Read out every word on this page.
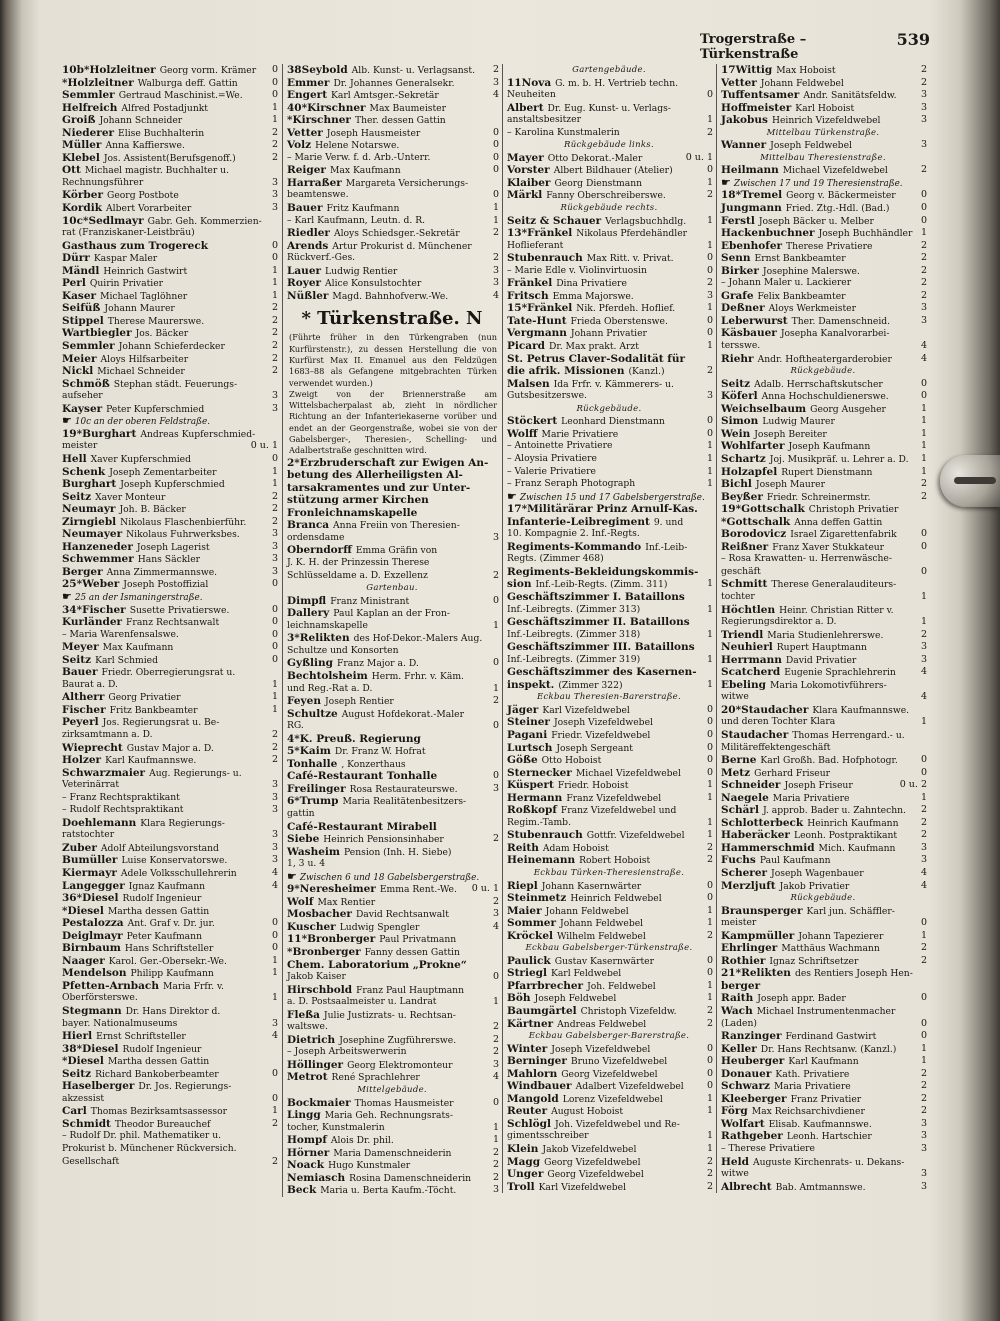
Trogerstraße – Türkenstraße
539
10b*Holzleitner Georg vorm. Krämer 0
*Holzleitner Walburga deff. Gattin	0
Semmler Gertraud Maschinist.=We.	0
Helfreich Alfred Postadjunkt	1
Groiß Johann Schneider	1
Niederer Elise Buchhalterin	2
Müller Anna Kaffierswe.	2
Klebel Jos. Assistent(Berufsgenoff.)	2
Ott Michael magistr. Buchhalter u.
Rechnungsführer	3
Körber Georg Postbote	3
Kordik Albert Vorarbeiter	3
10c*Sedlmayr Gabr. Geh. Kommerzien-
rat (Franziskaner-Leistbräu)
Gasthaus zum Trogereck	0
Dürr Kaspar Maler	0
Mändl Heinrich Gastwirt	1
Perl Quirin Privatier	1
Kaser Michael Taglöhner	1
Seifüß Johann Maurer	2
Stippel Therese Maurerswe.	2
Wartbiegler Jos. Bäcker	2
Semmler Johann Schieferdecker	2
Meier Aloys Hilfsarbeiter	2
Nickl Michael Schneider	2
Schmöß Stephan städt. Feuerungs-
aufseher	3
Kayser Peter Kupferschmied	3
☛ 10c an der oberen Feldstraße.
19*Burghart Andreas Kupferschmied-
meister	0 u. 1
Hell Xaver Kupferschmied	0
Schenk Joseph Zementarbeiter	1
Burghart Joseph Kupferschmied	1
Seitz Xaver Monteur	2
Neumayr Joh. B. Bäcker	2
Zirngiebl Nikolaus Flaschenbierführ.	2
Neumayer Nikolaus Fuhrwerksbes.	3
Hanzeneder Joseph Lagerist	3
Schwemmer Hans Säckler	3
Berger Anna Zimmermannswe.	3
25*Weber Joseph Postoffizial	0
☛ 25 an der Ismaningerstraße.
34*Fischer Susette Privatierswe.	0
Kurländer Franz Rechtsanwalt	0
– Maria Warenfensalswe.	0
Meyer Max Kaufmann	0
Seitz Karl Schmied	0
Bauer Friedr. Oberregierungsrat u.
Baurat a. D.	1
Altherr Georg Privatier	1
Fischer Fritz Bankbeamter	1
Peyerl Jos. Regierungsrat u. Be-
zirksamtmann a. D.	2
Wieprecht Gustav Major a. D.	2
Holzer Karl Kaufmannswe.	2
Schwarzmaier Aug. Regierungs- u.
Veterinärrat	3
– Franz Rechtspraktikant	3
– Rudolf Rechtspraktikant	3
Doehlemann Klara Regierungs-
ratstochter	3
Zuber Adolf Abteilungsvorstand	3
Bumüller Luise Konservatorswe.	3
Kiermayr Adele Volksschullehrerin	4
Langegger Ignaz Kaufmann	4
36*Diesel Rudolf Ingenieur
*Diesel Martha dessen Gattin
Pestalozza Ant. Graf v. Dr. jur.	0
Deiglmayr Peter Kaufmann	0
Birnbaum Hans Schriftsteller	0
Naager Karol. Ger.-Obersekr.-We.	1
Mendelson Philipp Kaufmann	1
Pfetten-Arnbach Maria Frfr. v.
Oberförsterswe.	1
Stegmann Dr. Hans Direktor d.
bayer. Nationalmuseums	3
Hierl Ernst Schriftsteller	4
38*Diesel Rudolf Ingenieur
*Diesel Martha dessen Gattin
Seitz Richard Bankoberbeamter	0
Haselberger Dr. Jos. Regierungs-
akzessist	0
Carl Thomas Bezirksamtsassessor	1
Schmidt Theodor Bureauchef	2
– Rudolf Dr. phil. Mathematiker u.
Prokurist b. Münchener Rückversich.
Gesellschaft	2
38Seybold Alb. Kunst- u. Verlagsanst. 2
Emmer Dr. Johannes Generalsekr.	3
Engert Karl Amtsger.-Sekretär	4
40*Kirschner Max Baumeister
*Kirschner Ther. dessen Gattin
Vetter Joseph Hausmeister	0
Volz Helene Notarswe.	0
– Marie Verw. f. d. Arb.-Unterr.	0
Reiger Max Kaufmann	0
Harraßer Margareta Versicherungs-
beamtenswe.	0
Bauer Fritz Kaufmann	1
– Karl Kaufmann, Leutn. d. R.	1
Riedler Aloys Schiedsger.-Sekretär	2
Arends Artur Prokurist d. Münchener
Rückverf.-Ges.	2
Lauer Ludwig Rentier	3
Royer Alice Konsulstochter	3
Nüßler Magd. Bahnhofverw.-We.	4
* Türkenstraße. N
(Führte früher in den Türkengraben (nun Kurfürstenstr.), zu dessen Herstellung die von Kurfürst Max II. Emanuel aus den Feldzügen 1683–88 als Gefangene mitgebrachten Türken verwendet wurden.)
Zweigt von der Briennerstraße am Wittelsbacherpalast ab, zieht in nördlicher Richtung an der Infanteriekaserne vorüber und endet an der Georgenstraße, wobei sie von der Gabelsberger-, Theresien-, Schelling- und Adalbertstraße geschnitten wird.
2*Erzbruderschaft zur Ewigen An-
betung des Allerheiligsten Al-
tarsakramentes und zur Unter-
stützung armer Kirchen
Fronleichnamskapelle
Branca Anna Freiin von Theresien-
ordensdame	3
Oberndorff Emma Gräfin von
J. K. H. der Prinzessin Therese
Schlüsseldame a. D. Exzellenz	2
Gartenbau.
Dimpfl Franz Ministrant	0
Dallery Paul Kaplan an der Fron-
leichnamskapelle	1
3*Relikten des Hof-Dekor.-Malers Aug.
Schultze und Konsorten
Gyßling Franz Major a. D.	0
Bechtolsheim Herm. Frhr. v. Käm.
und Reg.-Rat a. D.	1
Feyen Joseph Rentier	2
Schultze August Hofdekorat.-Maler
RG.	0
4*K. Preuß. Regierung
5*Kaim Dr. Franz W. Hofrat
Tonhalle , Konzerthaus
Café-Restaurant Tonhalle	0
Freilinger Rosa Restaurateurswe.	3
6*Trump Maria Realitätenbesitzers-
gattin
Café-Restaurant Mirabell
Siebe Heinrich Pensionsinhaber	2
Washeim Pension (Inh. H. Siebe)
1, 3 u. 4
☛ Zwischen 6 und 18 Gabelsbergerstraße.
9*Neresheimer Emma Rent.-We. 0 u. 1
Wolf Max Rentier	2
Mosbacher David Rechtsanwalt	3
Kuscher Ludwig Spengler	4
11*Bronberger Paul Privatmann
*Bronberger Fanny dessen Gattin
Chem. Laboratorium „Prokne“
Jakob Kaiser	0
Hirschbold Franz Paul Hauptmann
a. D. Postsaalmeister u. Landrat	1
Fleßa Julie Justizrats- u. Rechtsan-
waltswe.	2
Dietrich Josephine Zugführerswe.	2
– Joseph Arbeitswerwerin	2
Höllinger Georg Elektromonteur	3
Metrot René Sprachlehrer	4
Mittelgebäude.
Bockmaier Thomas Hausmeister	0
Lingg Maria Geh. Rechnungsrats-
tocher, Kunstmalerin	1
Hompf Alois Dr. phil.	1
Hörner Maria Damenschneiderin	2
Noack Hugo Kunstmaler	2
Nemiasch Rosina Damenschneiderin 2
Beck Maria u. Berta Kaufm.-Töcht.	3
Gartengebäude.
11Nova G. m. b. H. Vertrieb techn.
Neuheiten	0
Albert Dr. Eug. Kunst- u. Verlags-
anstaltsbesitzer	1
– Karolina Kunstmalerin	2
Rückgebäude links.
Mayer Otto Dekorat.-Maler	0 u. 1
Vorster Albert Bildhauer (Atelier)	0
Klaiber Georg Dienstmann	1
Märkl Fanny Oberschreiberswe.	2
Rückgebäude rechts.
Seitz & Schauer Verlagsbuchhdlg. 1
13*Fränkel Nikolaus Pferdehändler
Hoflieferant	1
Stubenrauch Max Ritt. v. Privat.	0
– Marie Edle v. Violinvirtuosin	0
Fränkel Dina Privatiere	2
Fritsch Emma Majorswe.	3
15*Fränkel Nik. Pferdeh. Hoflief.	1
Tate-Hunt Frieda Oberstenswe.	0
Vergmann Johann Privatier	0
Picard Dr. Max prakt. Arzt	1
St. Petrus Claver-Sodalität für
die afrik. Missionen (Kanzl.)	2
Malsen Ida Frfr. v. Kämmerers- u.
Gutsbesitzerswe.	3
Rückgebäude.
Stöckert Leonhard Dienstmann	0
Wolff Marie Privatiere	0
– Antoinette Privatiere	1
– Aloysia Privatiere	1
– Valerie Privatiere	1
– Franz Seraph Photograph	1
☛ Zwischen 15 und 17 Gabelsbergerstraße.
17*Militärärar Prinz Arnulf-Kas.
Infanterie-Leibregiment 9. und
10. Kompagnie 2. Inf.-Regts.
Regiments-Kommando Inf.-Leib-
Regts. (Zimmer 468)
Regiments-Bekleidungskommis-
sion Inf.-Leib-Regts. (Zimm. 311)	1
Geschäftszimmer I. Bataillons
Inf.-Leibregts. (Zimmer 313)	1
Geschäftszimmer II. Bataillons
Inf.-Leibregts. (Zimmer 318)	1
Geschäftszimmer III. Bataillons
Inf.-Leibregts. (Zimmer 319)	1
Geschäftszimmer des Kasernen-
inspekt. (Zimmer 322)	1
Eckbau Theresien-Barerstraße.
Jäger Karl Vizefeldwebel	0
Steiner Joseph Vizefeldwebel	0
Pagani Friedr. Vizefeldwebel	0
Lurtsch Joseph Sergeant	0
Göße Otto Hoboist	0
Sternecker Michael Vizefeldwebel	0
Küspert Friedr. Hoboist	1
Hermann Franz Vizefeldwebel	1
Roßkopf Franz Vizefeldwebel und
Regim.-Tamb.	1
Stubenrauch Gottfr. Vizefeldwebel 1
Reith Adam Hoboist	2
Heinemann Robert Hoboist	2
Eckbau Türken-Theresienstraße.
Riepl Johann Kasernwärter	0
Steinmetz Heinrich Feldwebel	0
Maier Johann Feldwebel	1
Sommer Johann Feldwebel	1
Kröckel Wilhelm Feldwebel	2
Eckbau Gabelsberger-Türkenstraße.
Paulick Gustav Kasernwärter	0
Striegl Karl Feldwebel	0
Pfarrbrecher Joh. Feldwebel	1
Böh Joseph Feldwebel	1
Baumgärtel Christoph Vizefeldw.	2
Kärtner Andreas Feldwebel	2
Eckbau Gabelsberger-Barerstraße.
Winter Joseph Vizefeldwebel	0
Berninger Bruno Vizefeldwebel	0
Mahlorn Georg Vizefeldwebel	0
Windbauer Adalbert Vizefeldwebel 0
Mangold Lorenz Vizefeldwebel	1
Reuter August Hoboist	1
Schlögl Joh. Vizefeldwebel und Re-
gimentsschreiber	1
Klein Jakob Vizefeldwebel	1
Magg Georg Vizefeldwebel	2
Unger Georg Vizefeldwebel	2
Troll Karl Vizefeldwebel	2
17Wittig Max Hoboist	2
Vetter Johann Feldwebel	2
Tuffentsamer Andr. Sanitätsfeldw.	3
Hoffmeister Karl Hoboist	3
Jakobus Heinrich Vizefeldwebel	3
Mittelbau Türkenstraße.
Wanner Joseph Feldwebel	3
Mittelbau Theresienstraße.
Heilmann Michael Vizefeldwebel	2
☛ Zwischen 17 und 19 Theresienstraße.
18*Tremel Georg v. Bäckermeister	0
Jungmann Fried. Ztg.-Hdl. (Bad.)	0
Ferstl Joseph Bäcker u. Melber	0
Hackenbuchner Joseph Buchhändler 1
Ebenhofer Therese Privatiere	2
Senn Ernst Bankbeamter	2
Birker Josephine Malerswe.	2
– Johann Maler u. Lackierer	2
Grafe Felix Bankbeamter	2
Deßner Aloys Werkmeister	3
Leberwurst Ther. Damenschneid.	3
Käsbauer Josepha Kanalvorarbei-
tersswe.	4
Riehr Andr. Hoftheatergarderobier	4
Rückgebäude.
Seitz Adalb. Herrschaftskutscher	0
Köferl Anna Hochschuldienerswe.	0
Weichselbaum Georg Ausgeher	1
Simon Ludwig Maurer	1
Wein Joseph Bereiter	1
Wohlfarter Joseph Kaufmann	1
Schartz Joj. Musikpräf. u. Lehrer a. D. 1
Holzapfel Rupert Dienstmann	1
Bichl Joseph Maurer	2
Beyßer Friedr. Schreinermstr.	2
19*Gottschalk Christoph Privatier
*Gottschalk Anna deffen Gattin
Borodovicz Israel Zigarettenfabrik	0
Reißner Franz Xaver Stukkateur	0
– Rosa Krawatten- u. Herrenwäsche-
geschäft	0
Schmitt Therese Generalauditeurs-
tochter	1
Höchtlen Heinr. Christian Ritter v.
Regierungsdirektor a. D.	1
Triendl Maria Studienlehrerswe.	2
Neuhierl Rupert Hauptmann	3
Herrmann David Privatier	3
Scatcherd Eugenie Sprachlehrerin	4
Ebeling Maria Lokomotivführers-
witwe	4
20*Staudacher Klara Kaufmannswe.
und deren Tochter Klara	1
Staudacher Thomas Herrengard.- u.
Militäreffektengeschäft
Berne Karl Großh. Bad. Hofphotogr. 0
Metz Gerhard Friseur	0
Schneider Joseph Friseur	0 u. 2
Naegele Maria Privatiere	1
Schärl J. approb. Bader u. Zahntechn. 2
Schlotterbeck Heinrich Kaufmann 2
Haberäcker Leonh. Postpraktikant	2
Hammerschmid Mich. Kaufmann	3
Fuchs Paul Kaufmann	3
Scherer Joseph Wagenbauer	4
Merzljuft Jakob Privatier	4
Rückgebäude.
Braunsperger Karl jun. Schäffler-
meister	0
Kampmüller Johann Tapezierer	1
Ehrlinger Matthäus Wachmann	2
Rothier Ignaz Schriftsetzer	2
21*Relikten des Rentiers Joseph Hen-
berger
Raith Joseph appr. Bader	0
Wach Michael Instrumentenmacher
(Laden)	0
Ranzinger Ferdinand Gastwirt	0
Keller Dr. Hans Rechtsanw. (Kanzl.)	1
Heuberger Karl Kaufmann	1
Donauer Kath. Privatiere	2
Schwarz Maria Privatiere	2
Kleeberger Franz Privatier	2
Förg Max Reichsarchivdiener	2
Wolfart Elisab. Kaufmannswe.	3
Rathgeber Leonh. Hartschier	3
– Therese Privatiere	3
Held Auguste Kirchenrats- u. Dekans-
witwe	3
Albrecht Bab. Amtmannswe.	3
